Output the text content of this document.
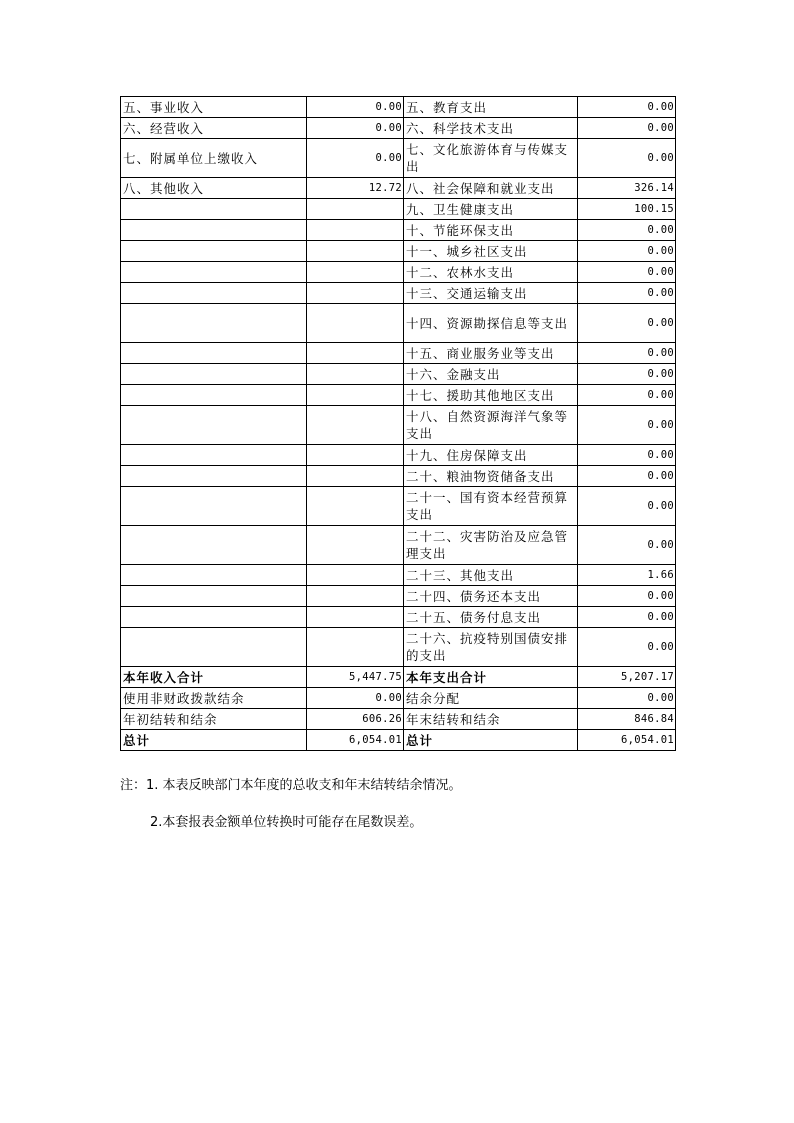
五、事业收入	0.00	五、教育支出	0.00
六、经营收入	0.00	六、科学技术支出	0.00
七、附属单位上缴收入	0.00	七、文化旅游体育与传媒支出	0.00
八、其他收入	12.72	八、社会保障和就业支出	326.14
		九、卫生健康支出	100.15
		十、节能环保支出	0.00
		十一、城乡社区支出	0.00
		十二、农林水支出	0.00
		十三、交通运输支出	0.00
		十四、资源勘探信息等支出	0.00
		十五、商业服务业等支出	0.00
		十六、金融支出	0.00
		十七、援助其他地区支出	0.00
		十八、自然资源海洋气象等支出	0.00
		十九、住房保障支出	0.00
		二十、粮油物资储备支出	0.00
		二十一、国有资本经营预算支出	0.00
		二十二、灾害防治及应急管理支出	0.00
		二十三、其他支出	1.66
		二十四、债务还本支出	0.00
		二十五、债务付息支出	0.00
		二十六、抗疫特别国债安排的支出	0.00
本年收入合计	5,447.75	本年支出合计	5,207.17
使用非财政拨款结余	0.00	结余分配	0.00
年初结转和结余	606.26	年末结转和结余	846.84
总计	6,054.01	总计	6,054.01
注：1. 本表反映部门本年度的总收支和年末结转结余情况。
2.本套报表金额单位转换时可能存在尾数误差。
